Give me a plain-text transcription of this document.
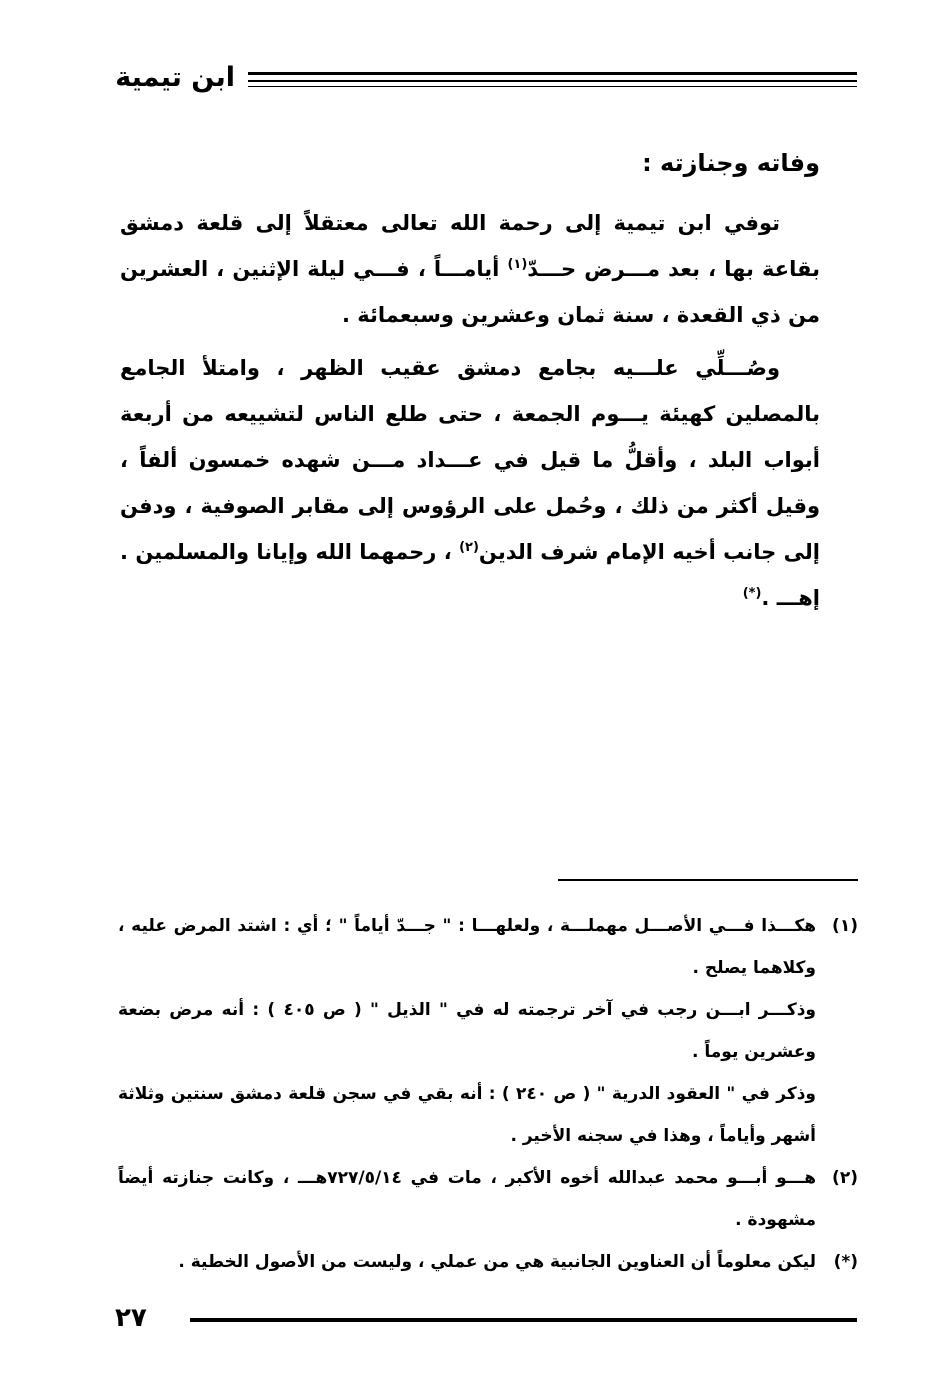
ابن تيمية
وفاته وجنازته :
توفي ابن تيمية إلى رحمة الله تعالى معتقلاً إلى قلعة دمشق بقاعة بها ، بعد مـــرض حـــدّ$^{(١)}$ أيامـــاً ، فـــي ليلة الإثنين ، العشرين من ذي القعدة ، سنة ثمان وعشرين وسبعمائة .
وصُـــلِّي علـــيه بجامع دمشق عقيب الظهر ، وامتلأ الجامع بالمصلين كهيئة يـــوم الجمعة ، حتى طلع الناس لتشييعه من أربعة أبواب البلد ، وأقلُّ ما قيل في عـــداد مـــن شهده خمسون ألفاً ، وقيل أكثر من ذلك ، وحُمل على الرؤوس إلى مقابر الصوفية ، ودفن إلى جانب أخيه الإمام شرف الدين$^{(٢)}$ ، رحمهما الله وإيانا والمسلمين . إهـــ .(*)
(١)
هكـــذا فـــي الأصـــل مهملـــة ، ولعلهـــا : " جـــدّ أياماً " ؛ أي : اشتد المرض عليه ، وكلاهما يصلح .
وذكـــر ابـــن رجب في آخر ترجمته له في " الذيل " ( ص ٤٠٥ ) : أنه مرض بضعة وعشرين يوماً .
وذكر في " العقود الدرية " ( ص ٢٤٠ ) : أنه بقي في سجن قلعة دمشق سنتين وثلاثة أشهر وأياماً ، وهذا في سجنه الأخير .
(٢)
هـــو أبـــو محمد عبدالله أخوه الأكبر ، مات في ٧٢٧/٥/١٤هـــ ، وكانت جنازته أيضاً مشهودة .
(*)
ليكن معلوماً أن العناوين الجانبية هي من عملي ، وليست من الأصول الخطية .
٢٧
